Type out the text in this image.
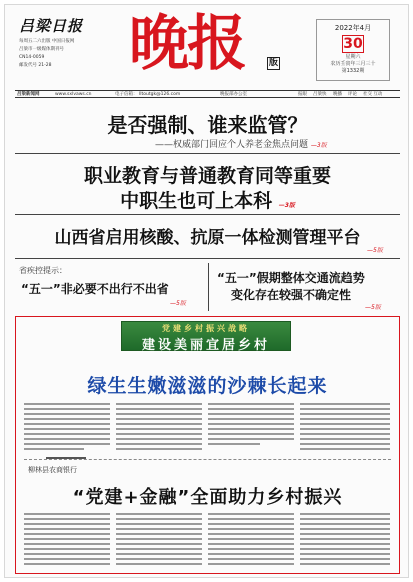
吕梁日报
每周五二六出版 中国日报网
吕梁市一级媒体期刊号
CN14-0059
邮发代号 21-28	晚报	版
2022年4月
30
星期六
农历壬寅年三月三十
第1332期
吕梁新闻网	www.sxlvaws.cn	电子信箱： lltoutgk@126.com	晚报部办公室	报眼 吕梁快 晚播 评论 社交 互动
是否强制、谁来监管？
——权威部门回应个人养老金焦点问题 —3版
职业教育与普通教育同等重要
中职生也可上本科 —3版
山西省启用核酸、抗原一体检测管理平台
—5版
省疾控提示：
“五一”非必要不出行不出省
—5版
“五一”假期整体交通流趋势
变化存在较强不确定性
—5版
党建乡村振兴战略
建设美丽宜居乡村
绿生生嫩滋滋的沙棘长起来
柳林县农商银行
“党建+金融”全面助力乡村振兴
